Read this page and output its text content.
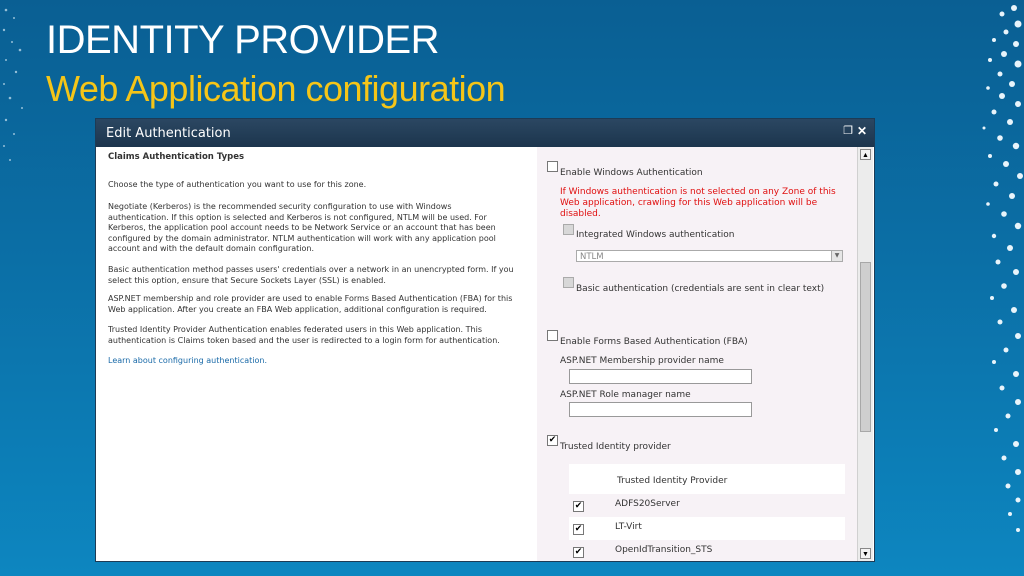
IDENTITY PROVIDER
Web Application configuration
Edit Authentication	❐ ✕
Claims Authentication Types
Choose the type of authentication you want to use for this zone.
Negotiate (Kerberos) is the recommended security configuration to use with Windows authentication. If this option is selected and Kerberos is not configured, NTLM will be used. For Kerberos, the application pool account needs to be Network Service or an account that has been configured by the domain administrator. NTLM authentication will work with any application pool account and with the default domain configuration.
Basic authentication method passes users' credentials over a network in an unencrypted form. If you select this option, ensure that Secure Sockets Layer (SSL) is enabled.
ASP.NET membership and role provider are used to enable Forms Based Authentication (FBA) for this Web application. After you create an FBA Web application, additional configuration is required.
Trusted Identity Provider Authentication enables federated users in this Web application. This authentication is Claims token based and the user is redirected to a login form for authentication.
Learn about configuring authentication.
Enable Windows Authentication
If Windows authentication is not selected on any Zone of this Web application, crawling for this Web application will be disabled.
Integrated Windows authentication
NTLM	▼
Basic authentication (credentials are sent in clear text)
Enable Forms Based Authentication (FBA)
ASP.NET Membership provider name
ASP.NET Role manager name
✔
Trusted Identity provider
Trusted Identity Provider
✔	ADFS20Server
✔	LT-Virt
✔	OpenIdTransition_STS
▲
▼
